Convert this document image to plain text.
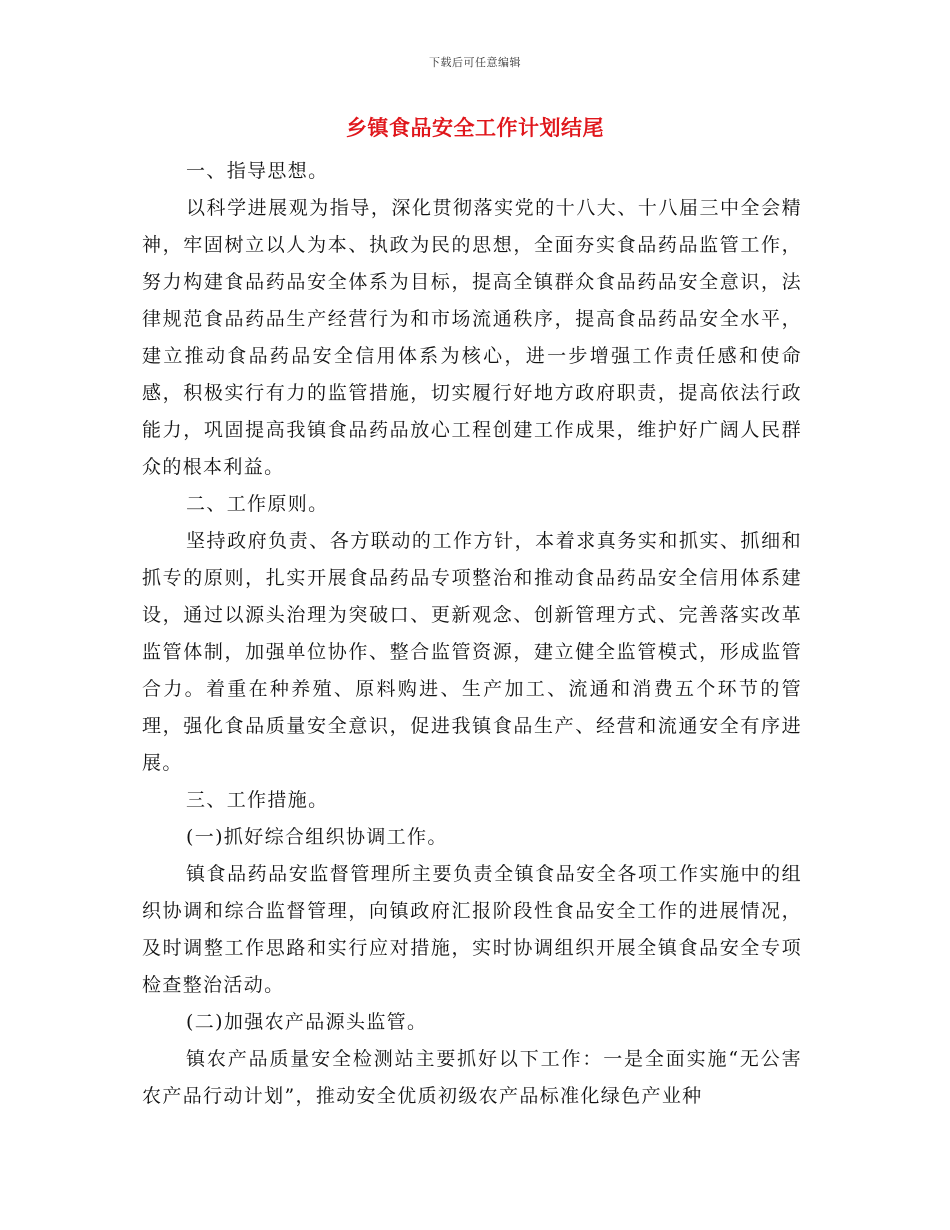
下载后可任意编辑
乡镇食品安全工作计划结尾

一、指导思想。

以科学进展观为指导，深化贯彻落实党的十八大、十八届三中全会精神，牢固树立以人为本、执政为民的思想，全面夯实食品药品监管工作，努力构建食品药品安全体系为目标，提高全镇群众食品药品安全意识，法律规范食品药品生产经营行为和市场流通秩序，提高食品药品安全水平，建立推动食品药品安全信用体系为核心，进一步增强工作责任感和使命感，积极实行有力的监管措施，切实履行好地方政府职责，提高依法行政能力，巩固提高我镇食品药品放心工程创建工作成果，维护好广阔人民群众的根本利益。

二、工作原则。

坚持政府负责、各方联动的工作方针，本着求真务实和抓实、抓细和抓专的原则，扎实开展食品药品专项整治和推动食品药品安全信用体系建设，通过以源头治理为突破口、更新观念、创新管理方式、完善落实改革监管体制，加强单位协作、整合监管资源，建立健全监管模式，形成监管合力。着重在种养殖、原料购进、生产加工、流通和消费五个环节的管理，强化食品质量安全意识，促进我镇食品生产、经营和流通安全有序进展。

三、工作措施。

(一)抓好综合组织协调工作。

镇食品药品安监督管理所主要负责全镇食品安全各项工作实施中的组织协调和综合监督管理，向镇政府汇报阶段性食品安全工作的进展情况，及时调整工作思路和实行应对措施，实时协调组织开展全镇食品安全专项检查整治活动。

(二)加强农产品源头监管。

镇农产品质量安全检测站主要抓好以下工作：一是全面实施“无公害农产品行动计划”，推动安全优质初级农产品标准化绿色产业种
